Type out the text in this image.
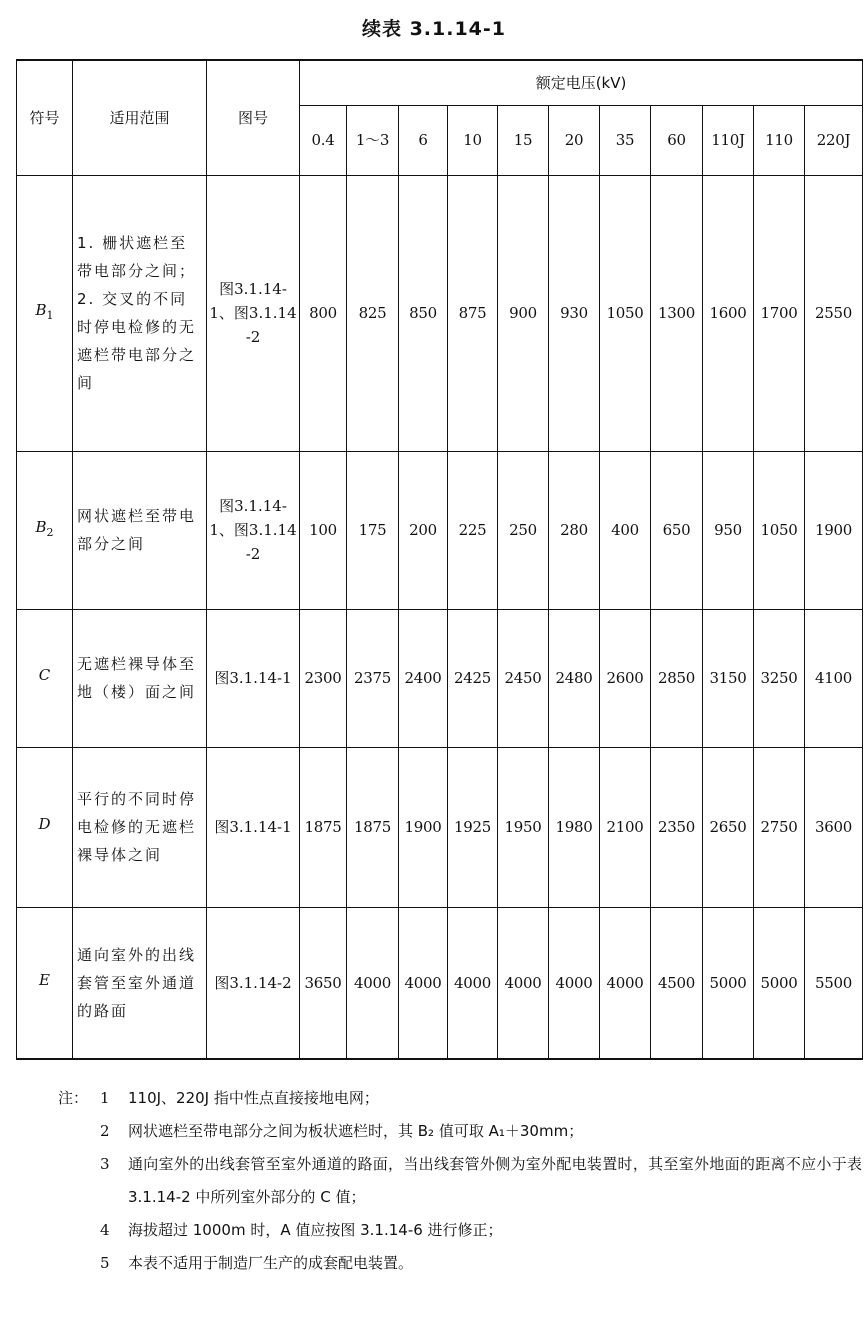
续表 3.1.14-1
符号	适用范围	图号	额定电压(kV)										
			0.4	1～3	6	10	15	20	35	60	110J	110	220J
$B_1$	1. 栅状遮栏至带电部分之间；2. 交叉的不同时停电检修的无遮栏带电部分之间	图3.1.14-1、图3.1.14-2	800	825	850	875	900	930	1050	1300	1600	1700	2550
$B_2$	网状遮栏至带电部分之间	图3.1.14-1、图3.1.14-2	100	175	200	225	250	280	400	650	950	1050	1900
C	无遮栏裸导体至地（楼）面之间	图3.1.14-1	2300	2375	2400	2425	2450	2480	2600	2850	3150	3250	4100
D	平行的不同时停电检修的无遮栏裸导体之间	图3.1.14-1	1875	1875	1900	1925	1950	1980	2100	2350	2650	2750	3600
E	通向室外的出线套管至室外通道的路面	图3.1.14-2	3650	4000	4000	4000	4000	4000	4000	4500	5000	5000	5500
注： 1 110J、220J 指中性点直接接地电网；
2 网状遮栏至带电部分之间为板状遮栏时，其 B₂ 值可取 A₁＋30mm；
3 通向室外的出线套管至室外通道的路面，当出线套管外侧为室外配电装置时，其至室外地面的距离不应小于表 3.1.14-2 中所列室外部分的 C 值；
4 海拔超过 1000m 时，A 值应按图 3.1.14-6 进行修正；
5 本表不适用于制造厂生产的成套配电装置。
